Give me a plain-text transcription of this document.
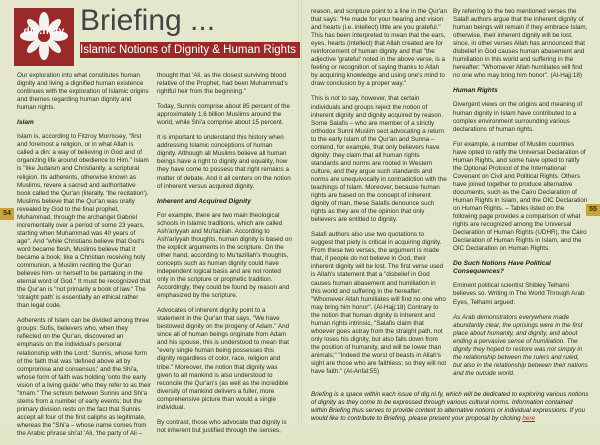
dig.ni.fy Briefing ...
Islamic Notions of Dignity & Human Rights
54
55

Our exploration into what constitutes human dignity and living a dignified human existence continues with the exploration of Islamic origins and themes regarding human dignity and human rights.

Islam

Islam is, according to Fitzroy Morrissey, "first and foremost a religion, or in what Allah is called a din: a way of believing in God and of organizing life around obedience to Him." Islam is "like Judaism and Christianity, a scriptural religion. Its adherents, otherwise known as Muslims, revere a sacred and authoritative book called the Qur'an (literally, 'the recitation'). Muslims believe that the Qur'an was orally revealed by God to the final prophet, Muhammad, through the archangel Gabriel incrementally over a period of some 23 years, starting when Muhammad was 40 years of age". And "while Christians believe that God's word became flesh, Muslims believe that it became a book; like a Christian receiving holy communion, a Muslim reciting the Qur'an believes him- or herself to be partaking in the eternal word of God." It must be recognized that the Qur'an is "not primarily a book of law." The 'straight path' is essentially an ethical rather than legal code.

Adherents of Islam can be divided among three groups: Sufis, believers who, when they reflected on the Qur'an, discovered an emphasis on the individual's personal relationship with the Lord;' Sunnis, whose form of the faith that was 'defined above all by compromise and consensus;' and the Shi'a, whose form of faith was holding 'onto the early vision of a living guide' who they refer to as their "Imam." The schism between Sunnis and Shi'a stems from a number of early events; but the primary division rests on the fact that Sunnis accept all four of the first caliphs as legitimate, whereas the "Shi'a – whose name comes from the Arabic phrase shi'at 'Ali, 'the party of Ali –

thought that 'Ali, as the closest surviving blood relative of the Prophet, had been Muhammad's rightful heir from the beginning."

Today, Sunnis comprise about 85 percent of the approximately 1.6 billion Muslims around the world, while Shi'a comprise about 15 percent.

It is important to understand this history when addressing Islamic conceptions of human dignity. Although all Muslims believe all human beings have a right to dignity and equality, how they have come to possess that right remains a matter of debate. And it all centers on the notion of inherent versus acquired dignity.

Inherent and Acquired Dignity

For example, there are two main theological schools in Islamic traditions, which are called Ash'ariyyah and Mu'tazilah. According to Ash'ariyyah thoughts, human dignity is based on the explicit arguments in the scripture. On the other hand, according to Mu'tazillah's thoughts, concepts such as human dignity could have independent logical basis and are not rooted only in the scripture or prophetic tradition. Accordingly, they could be found by reason and emphasized by the scripture.

Advocates of inherent dignity point to a statement in the Qur'an that says, "We have bestowed dignity on the progeny of Adam." And since all of human beings originate from Adam and his spouse, this is understood to mean that "every single human being possesses this dignity regardless of color, race, religion and tribe." Moreover, the notion that dignity was given to all mankind is also understood to reconcile the Qur'an's (as well as the incredible diversity of mankind delivers a fuller, more comprehensive picture than would a single individual.

By contrast, those who advocate that dignity is not inherent but justified through the senses,

reason, and scripture point to a line in the Qur'an that says: "He made for your hearing and vision and hearts (i.e. intellect) little are you grateful." This has been interpreted to mean that the ears, eyes, hearts (intellect) that Allah created are for reinforcement of human dignity and that "the adjective 'grateful' noted in the above verse, is a feeling or recognition of saying thanks to Allah by acquiring knowledge and using one's mind to draw conclusion by a proper way."

This is not to say, however, that certain individuals and groups reject the notion of inherent dignity and dignity acquired by reason. Some Salafis – who are member of a strictly orthodox Sunni Muslim sect advocating a return to the early Islam of the Qur'an and Sunna – contend, for example, that only believers have dignity: they claim that all human rights standards and norms are rooted in Western culture, and they argue such standards and norms are unequivocally in contradiction with the teachings of Islam. Moreover, because human rights are based on the concept of inherent dignity of man, these Salafis denounce such rights as they are of the opinion that only believers are entitled to dignity.

Salafi authors also use two quotations to suggest that piety is critical in acquiring dignity. From these two verses, the argument is made that, if people do not believe in God, their inherent dignity will be lost. The first verse used is Allah's statement that a "disbelief in God causes human abasement and humiliation in this world and suffering in the hereafter: "Whomever Allah humiliates will find no one who may bring him honor". (Al-Hajj:18) Contrary to the notion that human dignity is inherent and human rights intrinsic, "Salafis claim that whoever goes astray from the straight path, not only loses his dignity, but also falls down from the position of humanity, and will be lower than animals;" "Indeed the worst of beasts in Allah's sight are those who are faithless; so they will not have faith." (Al-Anfal:55)

By referring to the two mentioned verses the Salafi authors argue that the inherent dignity of human beings will remain if they embrace Islam, otherwise, their inherent dignity will be lost, since, in other verses Allah has announced that disbelief in God causes human abasement and humiliation in this world and suffering in the hereafter: "Whomever Allah humiliates will find no one who may bring him honor". (Al-Hajj:18)

Human Rights

Divergent views on the origins and meaning of human dignity in Islam have contributed to a complex environment surrounding various declarations of human rights.

For example, a number of Muslim countries have opted to ratify the Universal Declaration of Human Rights, and some have opted to ratify the Optional Protocol of the International Covenant on Civil and Political Rights. Others have joined together to produce alternative documents, such as the Cairo Declaration of Human Rights in Islam, and the OIC Declaration on Human Rights. – Tables listed on the following page provides a comparison of what rights are recognized among the Universal Declaration of Human Rights (UDHR), the Cairo Declaration of Human Rights in Islam, and the OIC Declaration on Human Rights.

Do Such Notions Have Political Consequences?

Eminent political scientist Shibley Telhami believes so. Writing in The World Through Arab Eyes, Telhami argued:

As Arab demonstrators everywhere made abundantly clear, the uprisings were in the first place about humanity, and dignity, and about ending a pervasive sense of humiliation. The dignity they hoped to restore was not simply in the relationship between the rulers and ruled, but also in the relationship between their nations and the outside world.

Briefing is a space within each issue of dig.ni.fy, which will be dedicated to exploring various notions of dignity as they come to be expressed through various cultural norms. Information contained within Briefing thus serves to provide context to alternative notions or individual expressions. If you would like to contribute to Briefing, please present your proposal by clicking here
